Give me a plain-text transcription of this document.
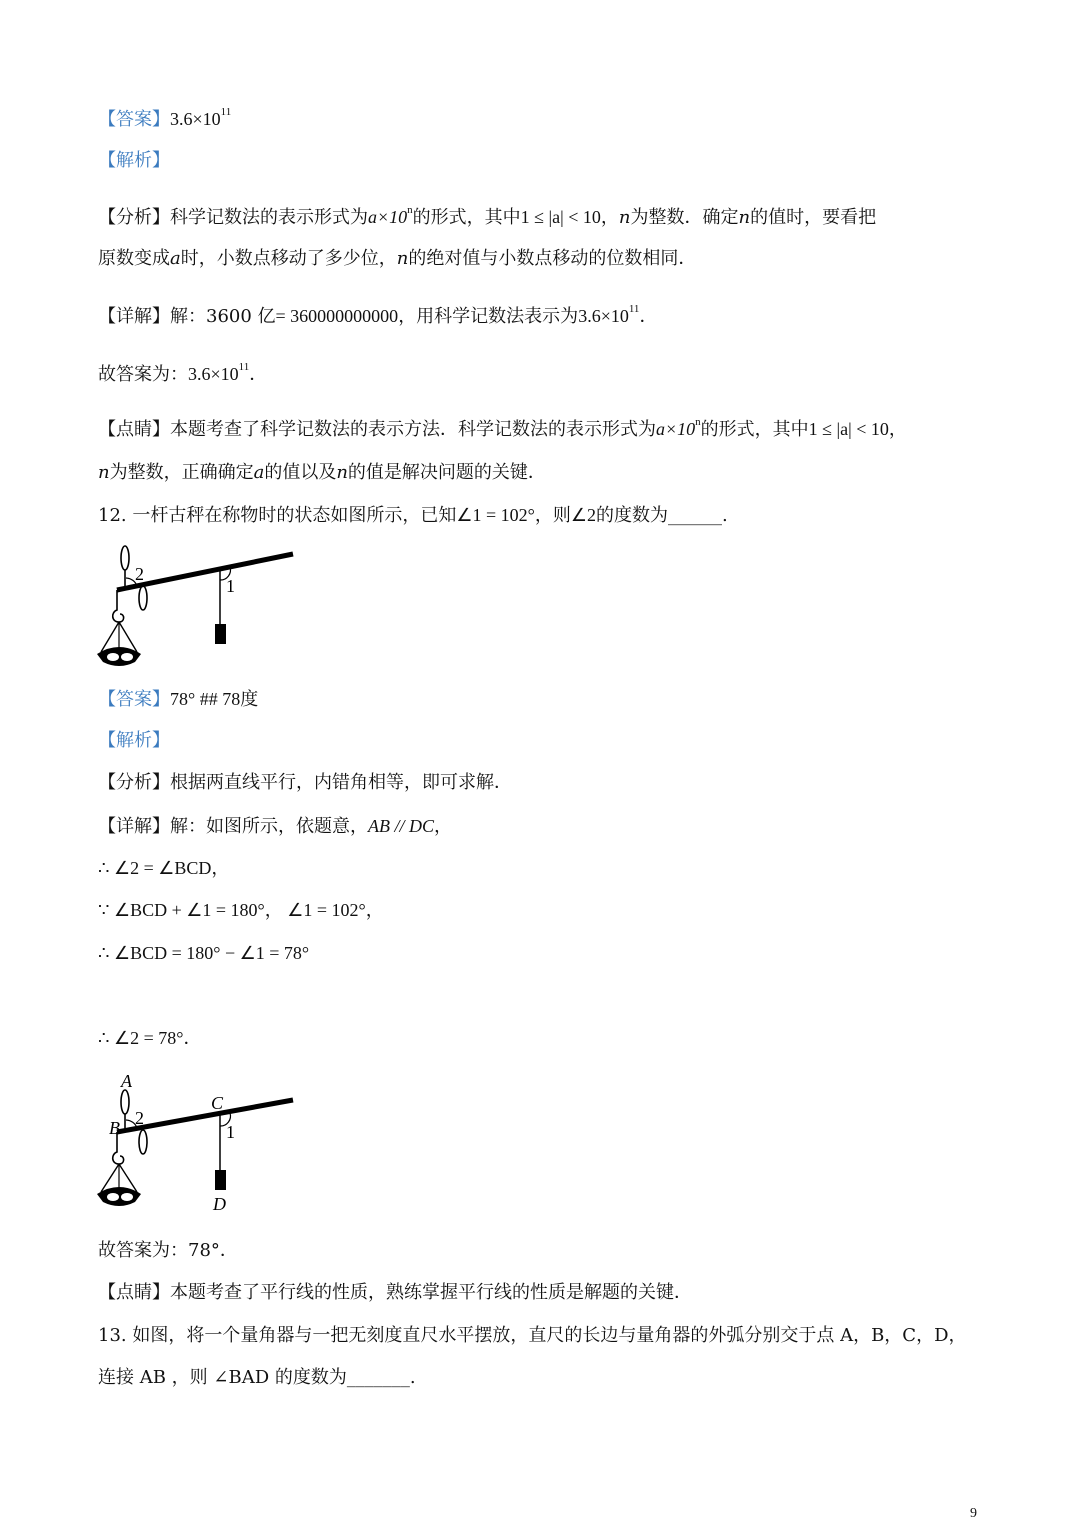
【答案】$3.6\times 10^{11}$
【解析】
【分析】科学记数法的表示形式为$a\times 10^n$的形式，其中1 ≤ |a| < 10，n为整数．确定n的值时，要看把
原数变成a时，小数点移动了多少位，n的绝对值与小数点移动的位数相同．
【详解】解：3600 亿= 360000000000，用科学记数法表示为$3.6\times 10^{11}$．
故答案为：$3.6\times 10^{11}$．
【点睛】本题考查了科学记数法的表示方法．科学记数法的表示形式为$a\times 10^n$的形式，其中1 ≤ |a| < 10，
n为整数，正确确定a的值以及n的值是解决问题的关键．
12. 一杆古秤在称物时的状态如图所示，已知∠1 = 102°，则∠2的度数为______.
2
1
【答案】78° ## 78度
【解析】
【分析】根据两直线平行，内错角相等，即可求解．
【详解】解：如图所示，依题意，AB // DC，
∴ ∠2 = ∠BCD，
∵ ∠BCD + ∠1 = 180°， ∠1 = 102°，
∴ ∠BCD = 180° − ∠1 = 78°
∴ ∠2 = 78°．
A
B 2
C
1
D
故答案为：78°．
【点睛】本题考查了平行线的性质，熟练掌握平行线的性质是解题的关键．
13. 如图，将一个量角器与一把无刻度直尺水平摆放，直尺的长边与量角器的外弧分别交于点 A，B，C，D，
连接 AB ，则 ∠BAD 的度数为_______.
9
